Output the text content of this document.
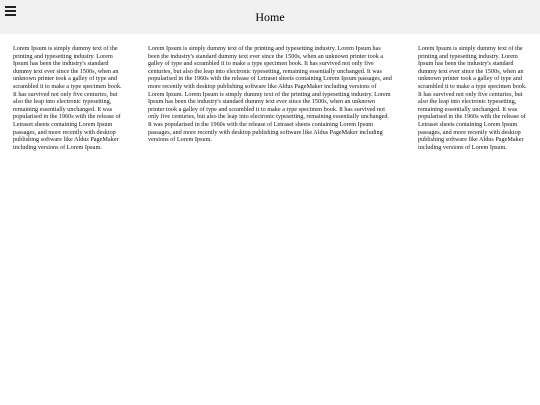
Home
Lorem Ipsum is simply dummy text of the printing and typesetting industry. Lorem Ipsum has been the industry's standard dummy text ever since the 1500s, when an unknown printer took a galley of type and scrambled it to make a type specimen book. It has survived not only five centuries, but also the leap into electronic typesetting, remaining essentially unchanged. It was popularised in the 1960s with the release of Letraset sheets containing Lorem Ipsum passages, and more recently with desktop publishing software like Aldus PageMaker including versions of Lorem Ipsum.
Lorem Ipsum is simply dummy text of the printing and typesetting industry. Lorem Ipsum has been the industry's standard dummy text ever since the 1500s, when an unknown printer took a galley of type and scrambled it to make a type specimen book. It has survived not only five centuries, but also the leap into electronic typesetting, remaining essentially unchanged. It was popularised in the 1960s with the release of Letraset sheets containing Lorem Ipsum passages, and more recently with desktop publishing software like Aldus PageMaker including versions of Lorem Ipsum. Lorem Ipsum is simply dummy text of the printing and typesetting industry. Lorem Ipsum has been the industry's standard dummy text ever since the 1500s, when an unknown printer took a galley of type and scrambled it to make a type specimen book. It has survived not only five centuries, but also the leap into electronic typesetting, remaining essentially unchanged. It was popularised in the 1960s with the release of Letraset sheets containing Lorem Ipsum passages, and more recently with desktop publishing software like Aldus PageMaker including versions of Lorem Ipsum.
Lorem Ipsum is simply dummy text of the printing and typesetting industry. Lorem Ipsum has been the industry's standard dummy text ever since the 1500s, when an unknown printer took a galley of type and scrambled it to make a type specimen book. It has survived not only five centuries, but also the leap into electronic typesetting, remaining essentially unchanged. It was popularised in the 1960s with the release of Letraset sheets containing Lorem Ipsum passages, and more recently with desktop publishing software like Aldus PageMaker including versions of Lorem Ipsum.
